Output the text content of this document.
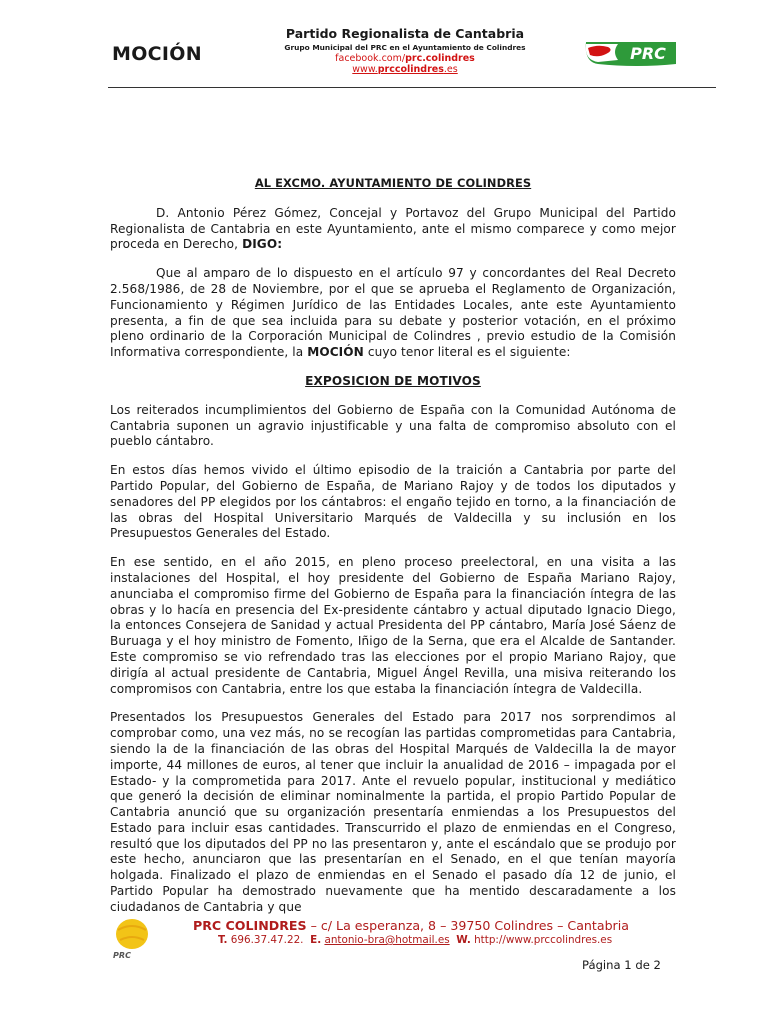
MOCIÓN
Partido Regionalista de Cantabria
Grupo Municipal del PRC en el Ayuntamiento de Colindres
facebook.com/prc.colindres
www.prccolindres.es
PRC
AL EXCMO. AYUNTAMIENTO DE COLINDRES

D. Antonio Pérez Gómez, Concejal y Portavoz del Grupo Municipal del Partido Regionalista de Cantabria en este Ayuntamiento, ante el mismo comparece y como mejor proceda en Derecho, DIGO:

Que al amparo de lo dispuesto en el artículo 97 y concordantes del Real Decreto 2.568/1986, de 28 de Noviembre, por el que se aprueba el Reglamento de Organización, Funcionamiento y Régimen Jurídico de las Entidades Locales, ante este Ayuntamiento presenta, a fin de que sea incluida para su debate y posterior votación, en el próximo pleno ordinario de la Corporación Municipal de Colindres , previo estudio de la Comisión Informativa correspondiente, la MOCIÓN cuyo tenor literal es el siguiente:

EXPOSICION DE MOTIVOS

Los reiterados incumplimientos del Gobierno de España con la Comunidad Autónoma de Cantabria suponen un agravio injustificable y una falta de compromiso absoluto con el pueblo cántabro.

En estos días hemos vivido el último episodio de la traición a Cantabria por parte del Partido Popular, del Gobierno de España, de Mariano Rajoy y de todos los diputados y senadores del PP elegidos por los cántabros: el engaño tejido en torno, a la financiación de las obras del Hospital Universitario Marqués de Valdecilla y su inclusión en los Presupuestos Generales del Estado.

En ese sentido, en el año 2015, en pleno proceso preelectoral, en una visita a las instalaciones del Hospital, el hoy presidente del Gobierno de España Mariano Rajoy, anunciaba el compromiso firme del Gobierno de España para la financiación íntegra de las obras y lo hacía en presencia del Ex-presidente cántabro y actual diputado Ignacio Diego, la entonces Consejera de Sanidad y actual Presidenta del PP cántabro, María José Sáenz de Buruaga y el hoy ministro de Fomento, Iñigo de la Serna, que era el Alcalde de Santander. Este compromiso se vio refrendado tras las elecciones por el propio Mariano Rajoy, que dirigía al actual presidente de Cantabria, Miguel Ángel Revilla, una misiva reiterando los compromisos con Cantabria, entre los que estaba la financiación íntegra de Valdecilla.

Presentados los Presupuestos Generales del Estado para 2017 nos sorprendimos al comprobar como, una vez más, no se recogían las partidas comprometidas para Cantabria, siendo la de la financiación de las obras del Hospital Marqués de Valdecilla la de mayor importe, 44 millones de euros, al tener que incluir la anualidad de 2016 – impagada por el Estado- y la comprometida para 2017. Ante el revuelo popular, institucional y mediático que generó la decisión de eliminar nominalmente la partida, el propio Partido Popular de Cantabria anunció que su organización presentaría enmiendas a los Presupuestos del Estado para incluir esas cantidades. Transcurrido el plazo de enmiendas en el Congreso, resultó que los diputados del PP no las presentaron y, ante el escándalo que se produjo por este hecho, anunciaron que las presentarían en el Senado, en el que tenían mayoría holgada. Finalizado el plazo de enmiendas en el Senado el pasado día 12 de junio, el Partido Popular ha demostrado nuevamente que ha mentido descaradamente a los ciudadanos de Cantabria y que

PRC
PRC COLINDRES – c/ La esperanza, 8 – 39750 Colindres – Cantabria
T. 696.37.47.22. E. antonio-bra@hotmail.es W. http://www.prccolindres.es
Página 1 de 2
